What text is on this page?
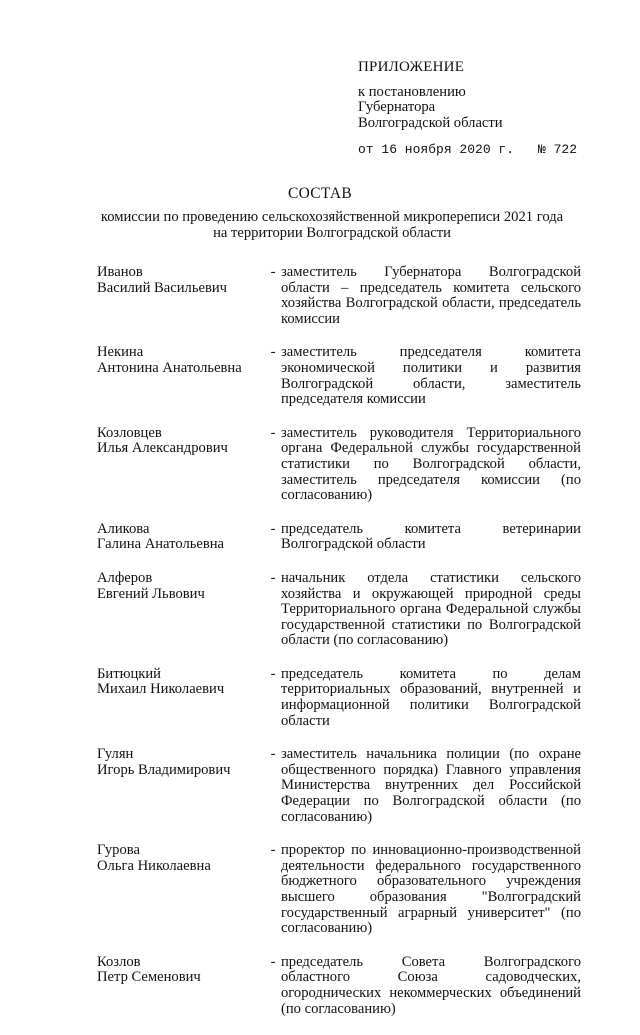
ПРИЛОЖЕНИЕ
к постановлению
Губернатора
Волгоградской области
от 16 ноября 2020 г. № 722
СОСТАВ
комиссии по проведению сельскохозяйственной микропереписи 2021 года
на территории Волгоградской области
Иванов
Василий Васильевич
- заместитель Губернатора Волгоградской области – председатель комитета сельского хозяйства Волгоградской области, председатель комиссии
Некина
Антонина Анатольевна
- заместитель председателя комитета экономической политики и развития Волгоградской области, заместитель председателя комиссии
Козловцев
Илья Александрович
- заместитель руководителя Территориального органа Федеральной службы государственной статистики по Волгоградской области, заместитель председателя комиссии (по согласованию)
Аликова
Галина Анатольевна
- председатель комитета ветеринарии Волгоградской области
Алферов
Евгений Львович
- начальник отдела статистики сельского хозяйства и окружающей природной среды Территориального органа Федеральной службы государственной статистики по Волгоградской области (по согласованию)
Битюцкий
Михаил Николаевич
- председатель комитета по делам территориальных образований, внутренней и информационной политики Волгоградской области
Гулян
Игорь Владимирович
- заместитель начальника полиции (по охране общественного порядка) Главного управления Министерства внутренних дел Российской Федерации по Волгоградской области (по согласованию)
Гурова
Ольга Николаевна
- проректор по инновационно-производственной деятельности федерального государственного бюджетного образовательного учреждения высшего образования "Волгоградский государственный аграрный университет" (по согласованию)
Козлов
Петр Семенович
- председатель Совета Волгоградского областного Союза садоводческих, огороднических некоммерческих объединений (по согласованию)
